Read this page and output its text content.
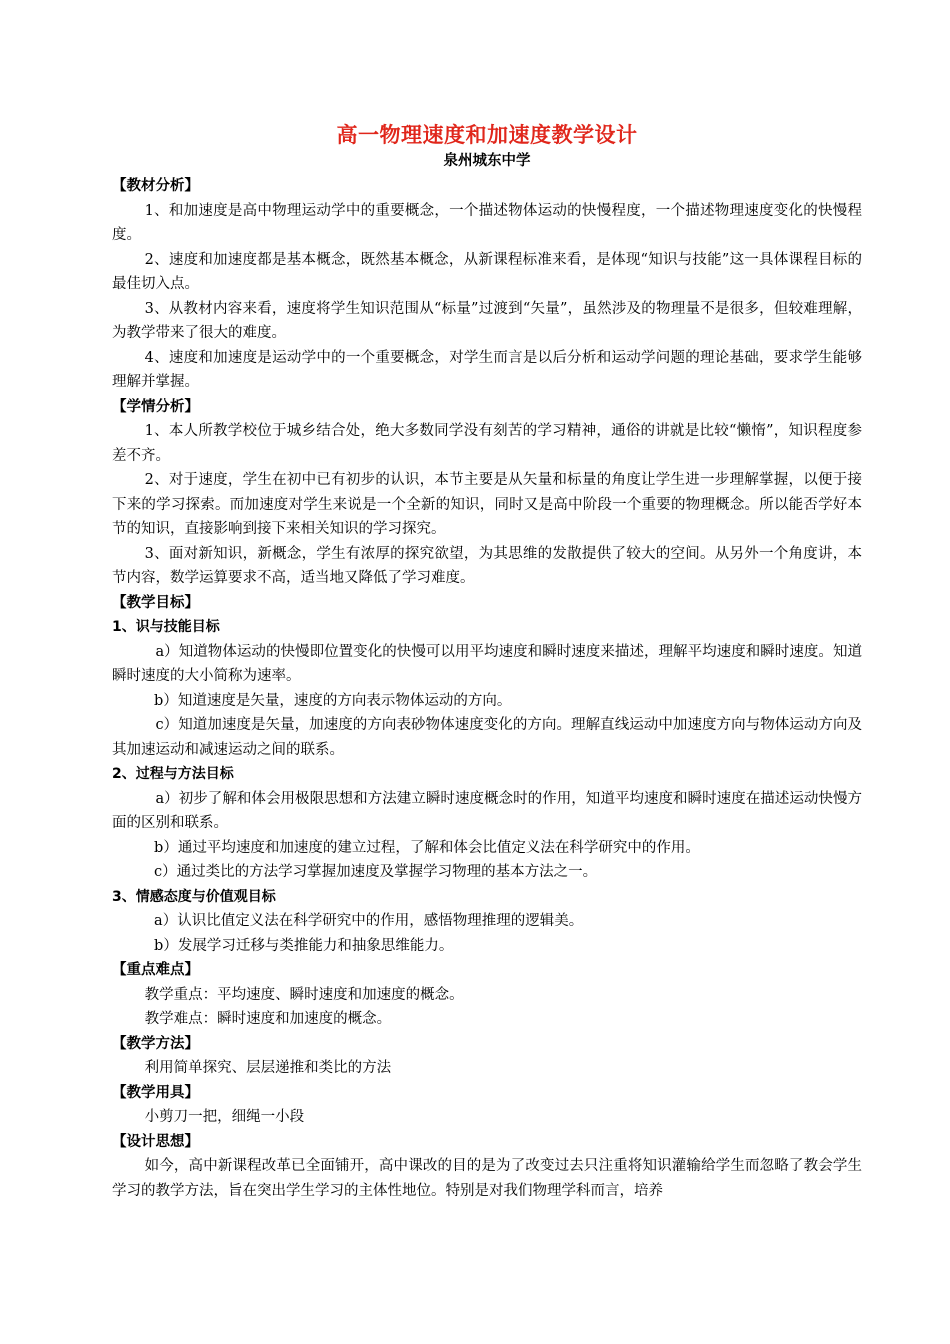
高一物理速度和加速度教学设计

泉州城东中学

【教材分析】

1、和加速度是高中物理运动学中的重要概念，一个描述物体运动的快慢程度，一个描述物理速度变化的快慢程度。

2、速度和加速度都是基本概念，既然基本概念，从新课程标准来看，是体现“知识与技能”这一具体课程目标的最佳切入点。

3、从教材内容来看，速度将学生知识范围从“标量”过渡到“矢量”，虽然涉及的物理量不是很多，但较难理解，为教学带来了很大的难度。

4、速度和加速度是运动学中的一个重要概念，对学生而言是以后分析和运动学问题的理论基础，要求学生能够理解并掌握。

【学情分析】

1、本人所教学校位于城乡结合处，绝大多数同学没有刻苦的学习精神，通俗的讲就是比较“懒惰”，知识程度参差不齐。

2、对于速度，学生在初中已有初步的认识，本节主要是从矢量和标量的角度让学生进一步理解掌握，以便于接下来的学习探索。而加速度对学生来说是一个全新的知识，同时又是高中阶段一个重要的物理概念。所以能否学好本节的知识，直接影响到接下来相关知识的学习探究。

3、面对新知识，新概念，学生有浓厚的探究欲望，为其思维的发散提供了较大的空间。从另外一个角度讲，本节内容，数学运算要求不高，适当地又降低了学习难度。

【教学目标】

1、识与技能目标

a）知道物体运动的快慢即位置变化的快慢可以用平均速度和瞬时速度来描述，理解平均速度和瞬时速度。知道瞬时速度的大小简称为速率。

b）知道速度是矢量，速度的方向表示物体运动的方向。

c）知道加速度是矢量，加速度的方向表砂物体速度变化的方向。理解直线运动中加速度方向与物体运动方向及其加速运动和减速运动之间的联系。

2、过程与方法目标

a）初步了解和体会用极限思想和方法建立瞬时速度概念时的作用，知道平均速度和瞬时速度在描述运动快慢方面的区别和联系。

b）通过平均速度和加速度的建立过程，了解和体会比值定义法在科学研究中的作用。

c）通过类比的方法学习掌握加速度及掌握学习物理的基本方法之一。

3、情感态度与价值观目标

a）认识比值定义法在科学研究中的作用，感悟物理推理的逻辑美。

b）发展学习迁移与类推能力和抽象思维能力。

【重点难点】

教学重点：平均速度、瞬时速度和加速度的概念。

教学难点：瞬时速度和加速度的概念。

【教学方法】

利用简单探究、层层递推和类比的方法

【教学用具】

小剪刀一把，细绳一小段

【设计思想】

如今，高中新课程改革已全面铺开，高中课改的目的是为了改变过去只注重将知识灌输给学生而忽略了教会学生学习的教学方法，旨在突出学生学习的主体性地位。特别是对我们物理学科而言，培养
